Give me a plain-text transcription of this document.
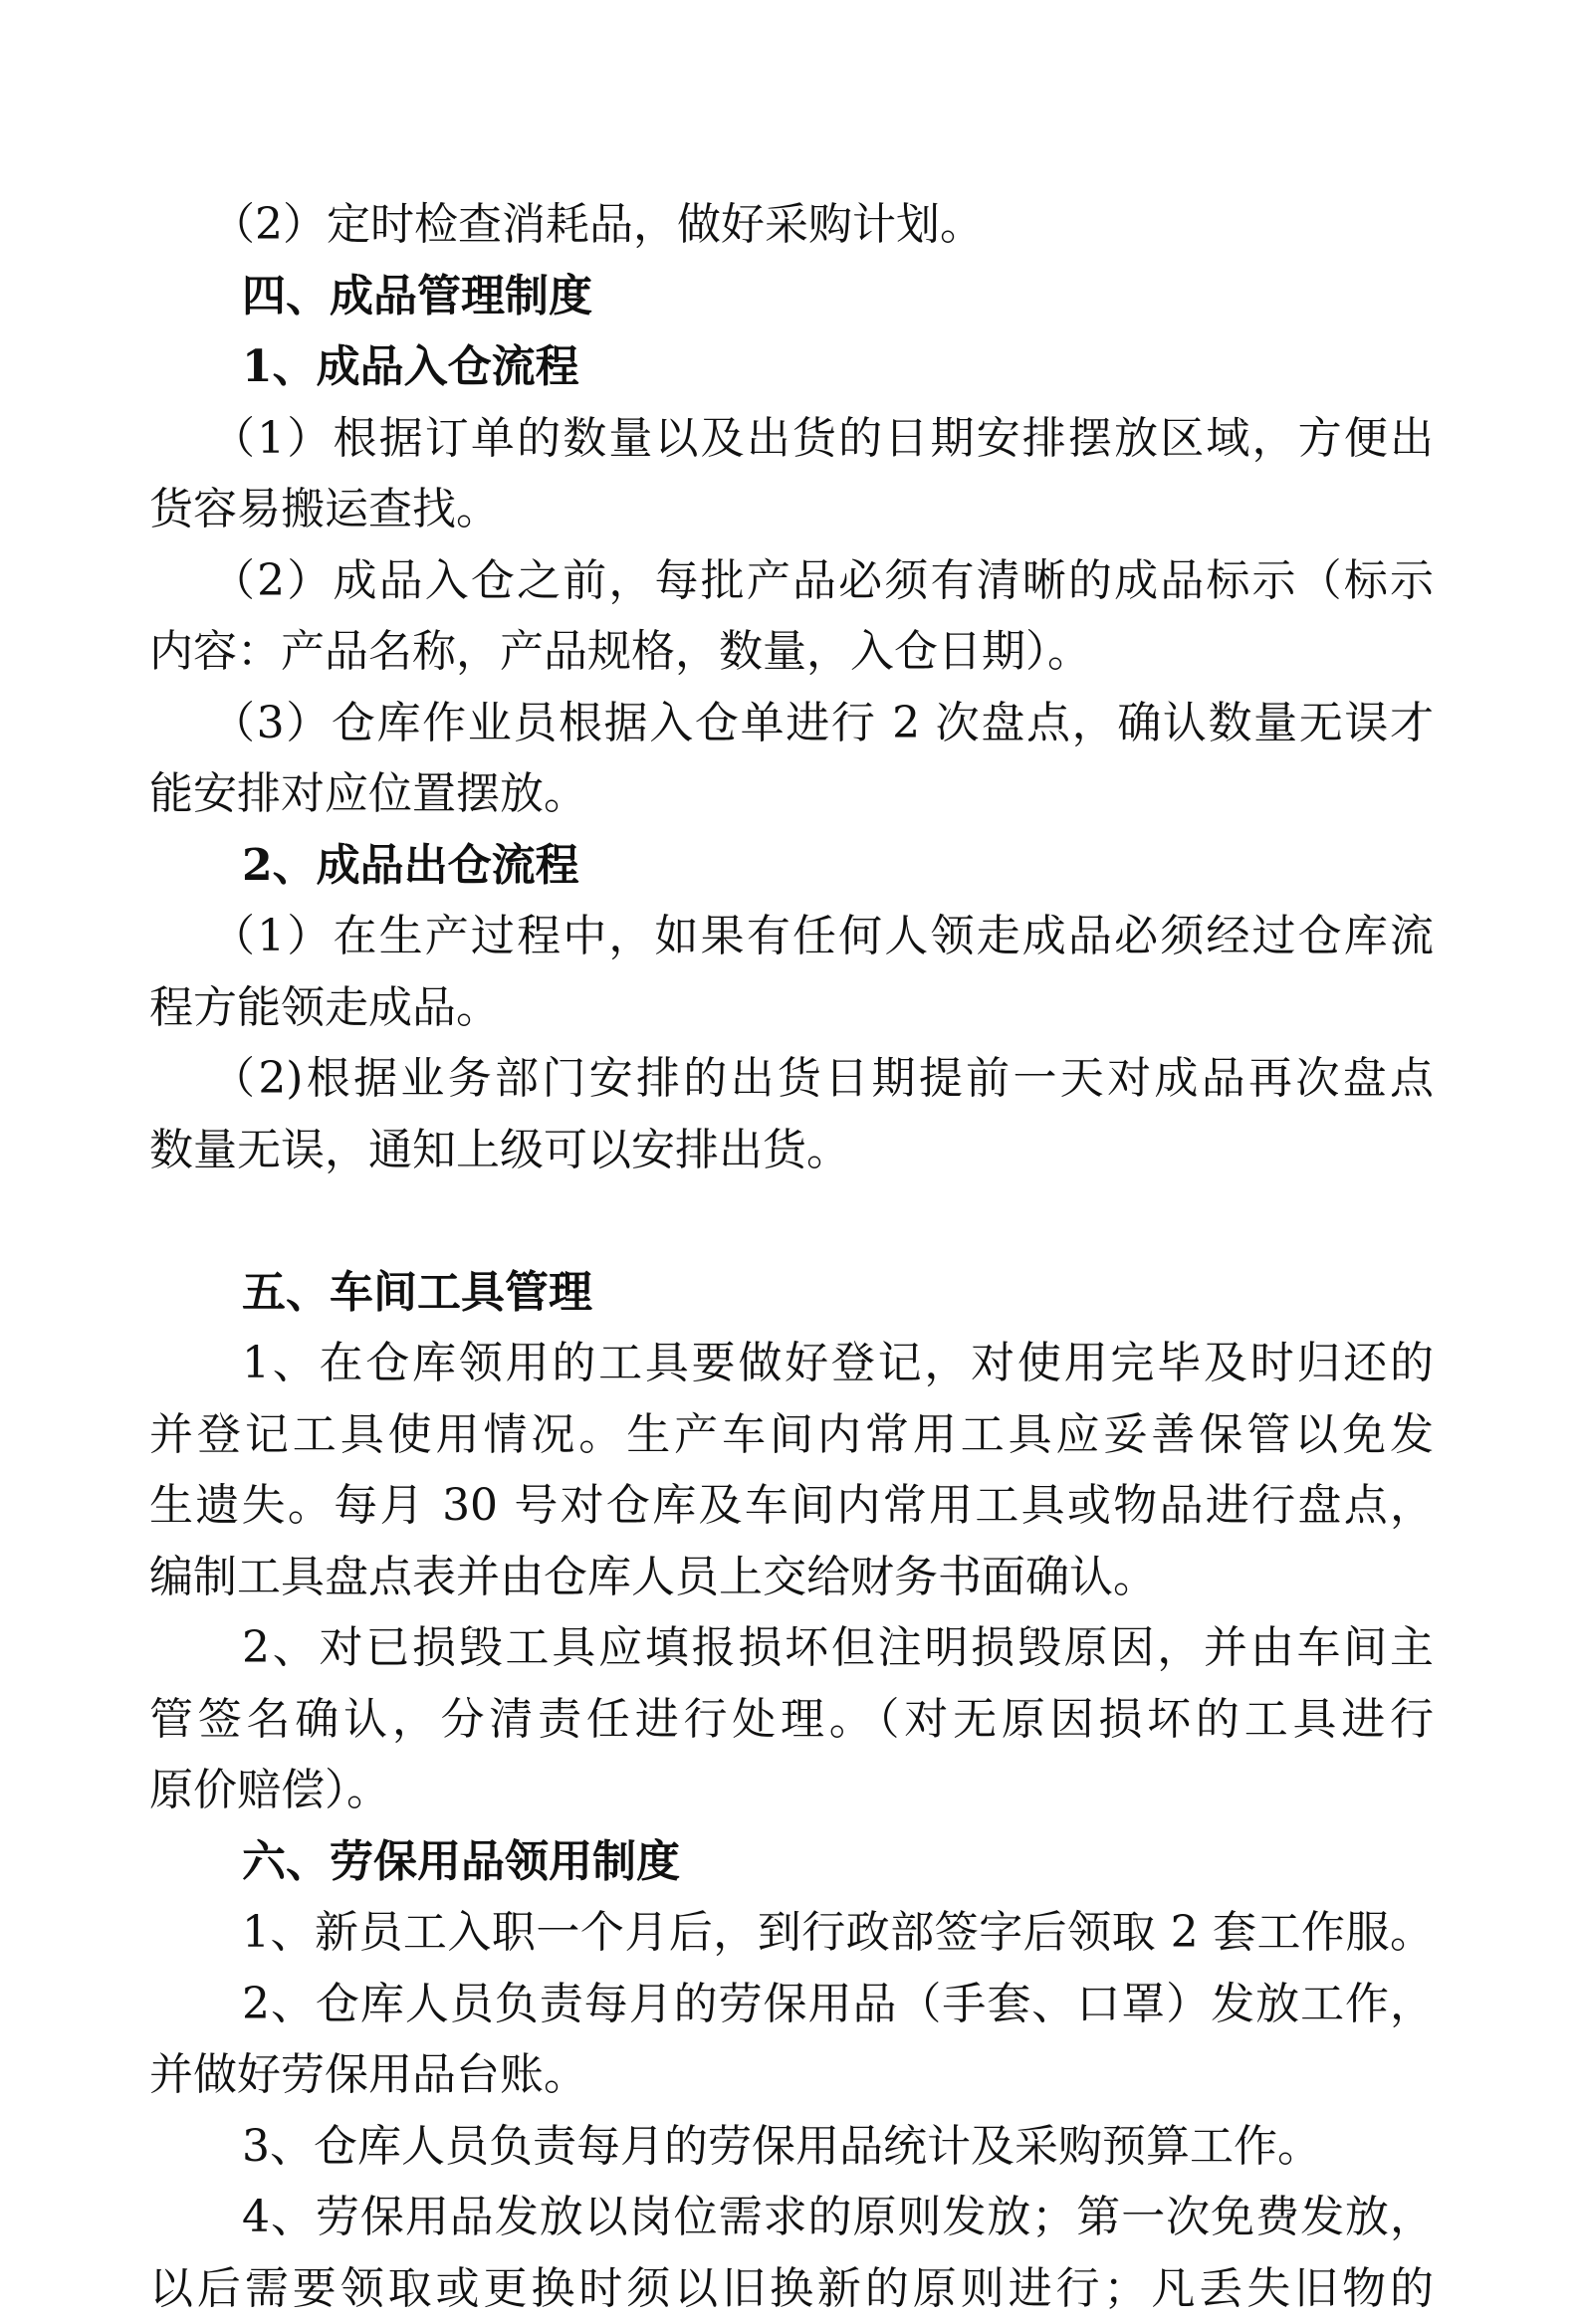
（2）定时检查消耗品，做好采购计划。
四、成品管理制度
1、成品入仓流程
（1）根据订单的数量以及出货的日期安排摆放区域，方便出
货容易搬运查找。
（2）成品入仓之前，每批产品必须有清晰的成品标示（标示
内容：产品名称，产品规格，数量，入仓日期）。
（3）仓库作业员根据入仓单进行 2 次盘点，确认数量无误才
能安排对应位置摆放。
2、成品出仓流程
（1）在生产过程中，如果有任何人领走成品必须经过仓库流
程方能领走成品。
（2)根据业务部门安排的出货日期提前一天对成品再次盘点
数量无误，通知上级可以安排出货。
五、车间工具管理
1、在仓库领用的工具要做好登记，对使用完毕及时归还的
并登记工具使用情况。生产车间内常用工具应妥善保管以免发
生遗失。每月 30 号对仓库及车间内常用工具或物品进行盘点，
编制工具盘点表并由仓库人员上交给财务书面确认。
2、对已损毁工具应填报损坏但注明损毁原因，并由车间主
管签名确认，分清责任进行处理。（对无原因损坏的工具进行
原价赔偿）。
六、劳保用品领用制度
1、新员工入职一个月后，到行政部签字后领取 2 套工作服。
2、仓库人员负责每月的劳保用品（手套、口罩）发放工作，
并做好劳保用品台账。
3、仓库人员负责每月的劳保用品统计及采购预算工作。
4、劳保用品发放以岗位需求的原则发放；第一次免费发放，
以后需要领取或更换时须以旧换新的原则进行；凡丢失旧物的
